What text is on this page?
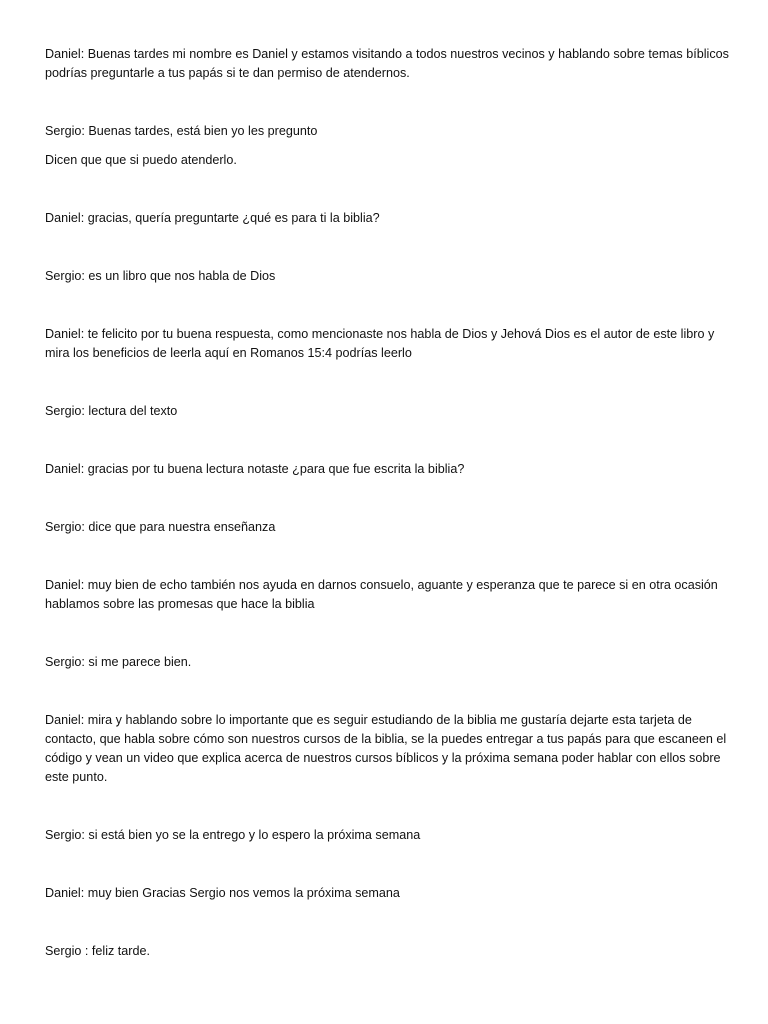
Daniel: Buenas tardes mi nombre es Daniel y estamos visitando a todos nuestros vecinos y hablando sobre temas bíblicos podrías preguntarle a tus papás si te dan permiso de atendernos.

Sergio: Buenas tardes, está bien yo les pregunto

Dicen que que si puedo atenderlo.

Daniel: gracias, quería preguntarte ¿qué es para ti la biblia?

Sergio: es un libro que nos habla de Dios

Daniel: te felicito por tu buena respuesta, como mencionaste nos habla de Dios y Jehová Dios es el autor de este libro y mira los beneficios de leerla aquí en Romanos 15:4 podrías leerlo

Sergio: lectura del texto

Daniel: gracias por tu buena lectura notaste ¿para que fue escrita la biblia?

Sergio: dice que para nuestra enseñanza

Daniel: muy bien de echo también nos ayuda en darnos consuelo, aguante y esperanza que te parece si en otra ocasión hablamos sobre las promesas que hace la biblia

Sergio: si me parece bien.

Daniel: mira y hablando sobre lo importante que es seguir estudiando de la biblia me gustaría dejarte esta tarjeta de contacto, que habla sobre cómo son nuestros cursos de la biblia, se la puedes entregar a tus papás para que escaneen el código y vean un video que explica acerca de nuestros cursos bíblicos y la próxima semana poder hablar con ellos sobre este punto.

Sergio: si está bien yo se la entrego y lo espero la próxima semana

Daniel: muy bien Gracias Sergio nos vemos la próxima semana

Sergio : feliz tarde.
